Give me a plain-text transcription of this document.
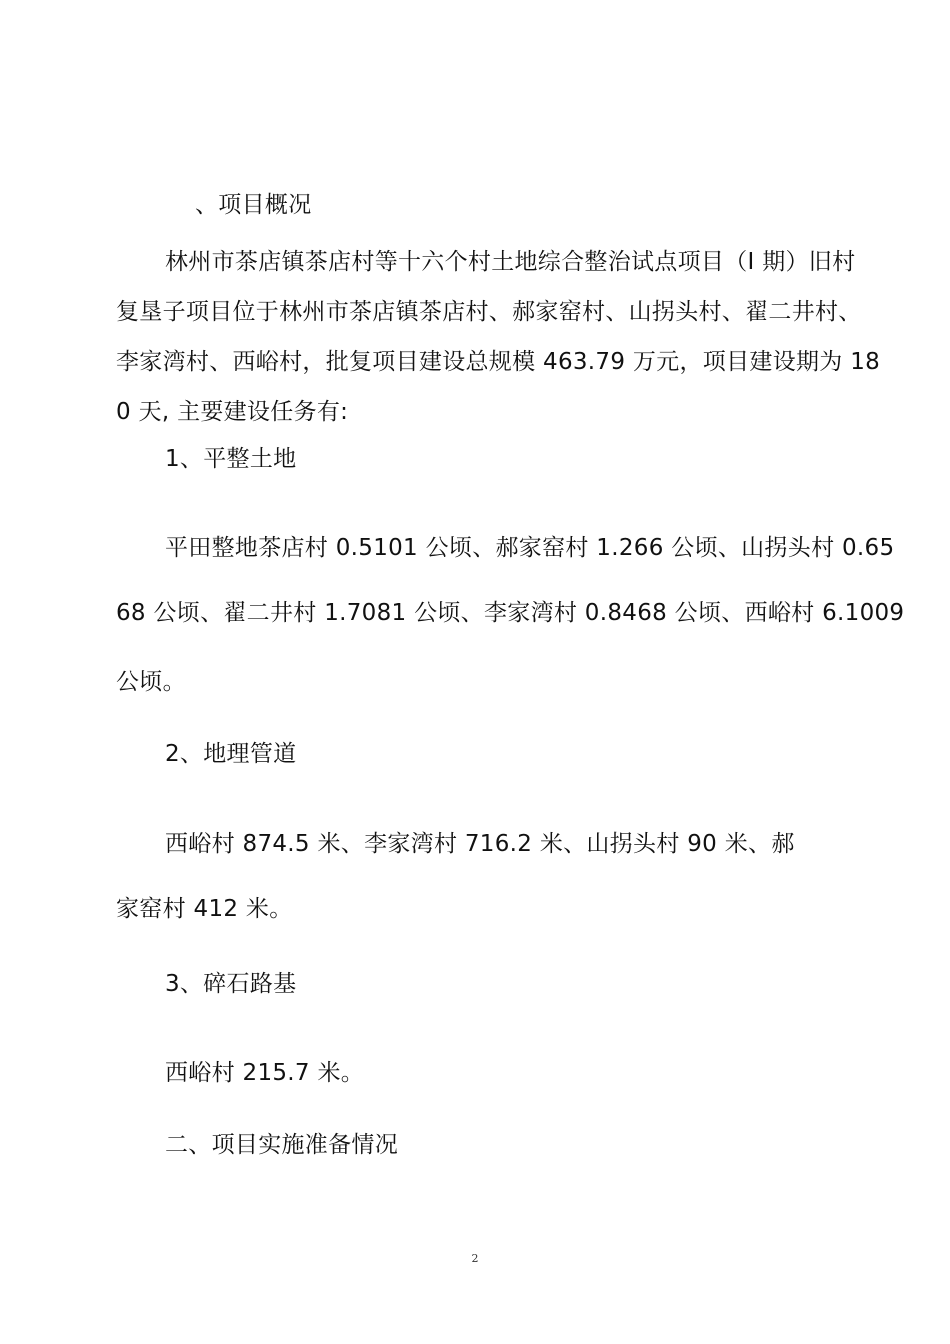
、项目概况
林州市茶店镇茶店村等十六个村土地综合整治试点项目（I 期）旧村
复垦子项目位于林州市茶店镇茶店村、郝家窑村、山拐头村、翟二井村、
李家湾村、西峪村，批复项目建设总规模 463.79 万元，项目建设期为 18
0 天, 主要建设任务有:
1、平整土地
平田整地茶店村 0.5101 公顷、郝家窑村 1.266 公顷、山拐头村 0.65
68 公顷、翟二井村 1.7081 公顷、李家湾村 0.8468 公顷、西峪村 6.1009
公顷。
2、地理管道
西峪村 874.5 米、李家湾村 716.2 米、山拐头村 90 米、郝
家窑村 412 米。
3、碎石路基
西峪村 215.7 米。
二、项目实施准备情况
2
